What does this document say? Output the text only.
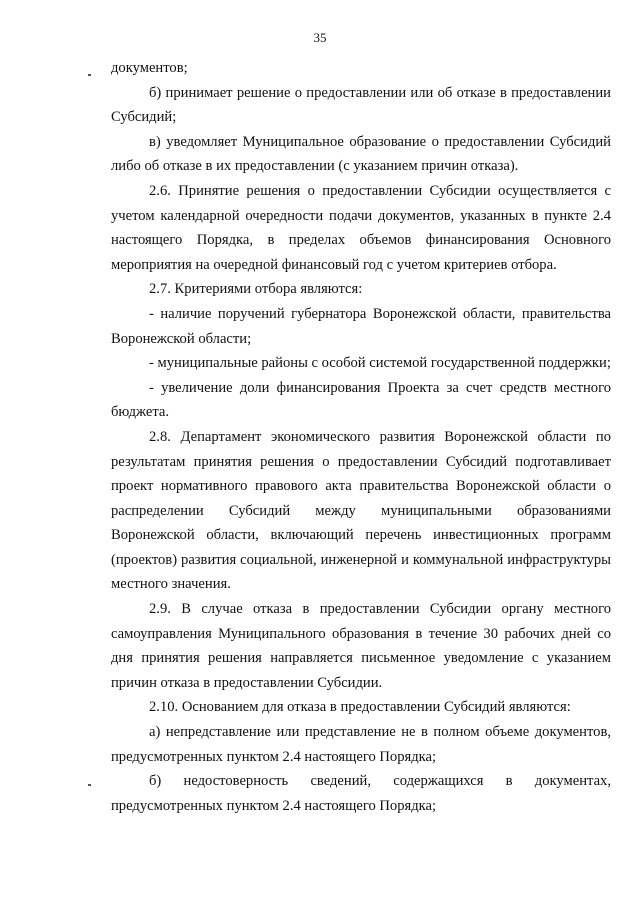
35

документов;

б) принимает решение о предоставлении или об отказе в предоставлении Субсидий;

в) уведомляет Муниципальное образование о предоставлении Субсидий либо об отказе в их предоставлении (с указанием причин отказа).

2.6. Принятие решения о предоставлении Субсидии осуществляется с учетом календарной очередности подачи документов, указанных в пункте 2.4 настоящего Порядка, в пределах объемов финансирования Основного мероприятия на очередной финансовый год с учетом критериев отбора.

2.7. Критериями отбора являются:

- наличие поручений губернатора Воронежской области, правительства Воронежской области;

- муниципальные районы с особой системой государственной поддержки;

- увеличение доли финансирования Проекта за счет средств местного бюджета.

2.8. Департамент экономического развития Воронежской области по результатам принятия решения о предоставлении Субсидий подготавливает проект нормативного правового акта правительства Воронежской области о распределении Субсидий между муниципальными образованиями Воронежской области, включающий перечень инвестиционных программ (проектов) развития социальной, инженерной и коммунальной инфраструктуры местного значения.

2.9. В случае отказа в предоставлении Субсидии органу местного самоуправления Муниципального образования в течение 30 рабочих дней со дня принятия решения направляется письменное уведомление с указанием причин отказа в предоставлении Субсидии.

2.10. Основанием для отказа в предоставлении Субсидий являются:

а) непредставление или представление не в полном объеме документов, предусмотренных пунктом 2.4 настоящего Порядка;

б) недостоверность сведений, содержащихся в документах, предусмотренных пунктом 2.4 настоящего Порядка;
